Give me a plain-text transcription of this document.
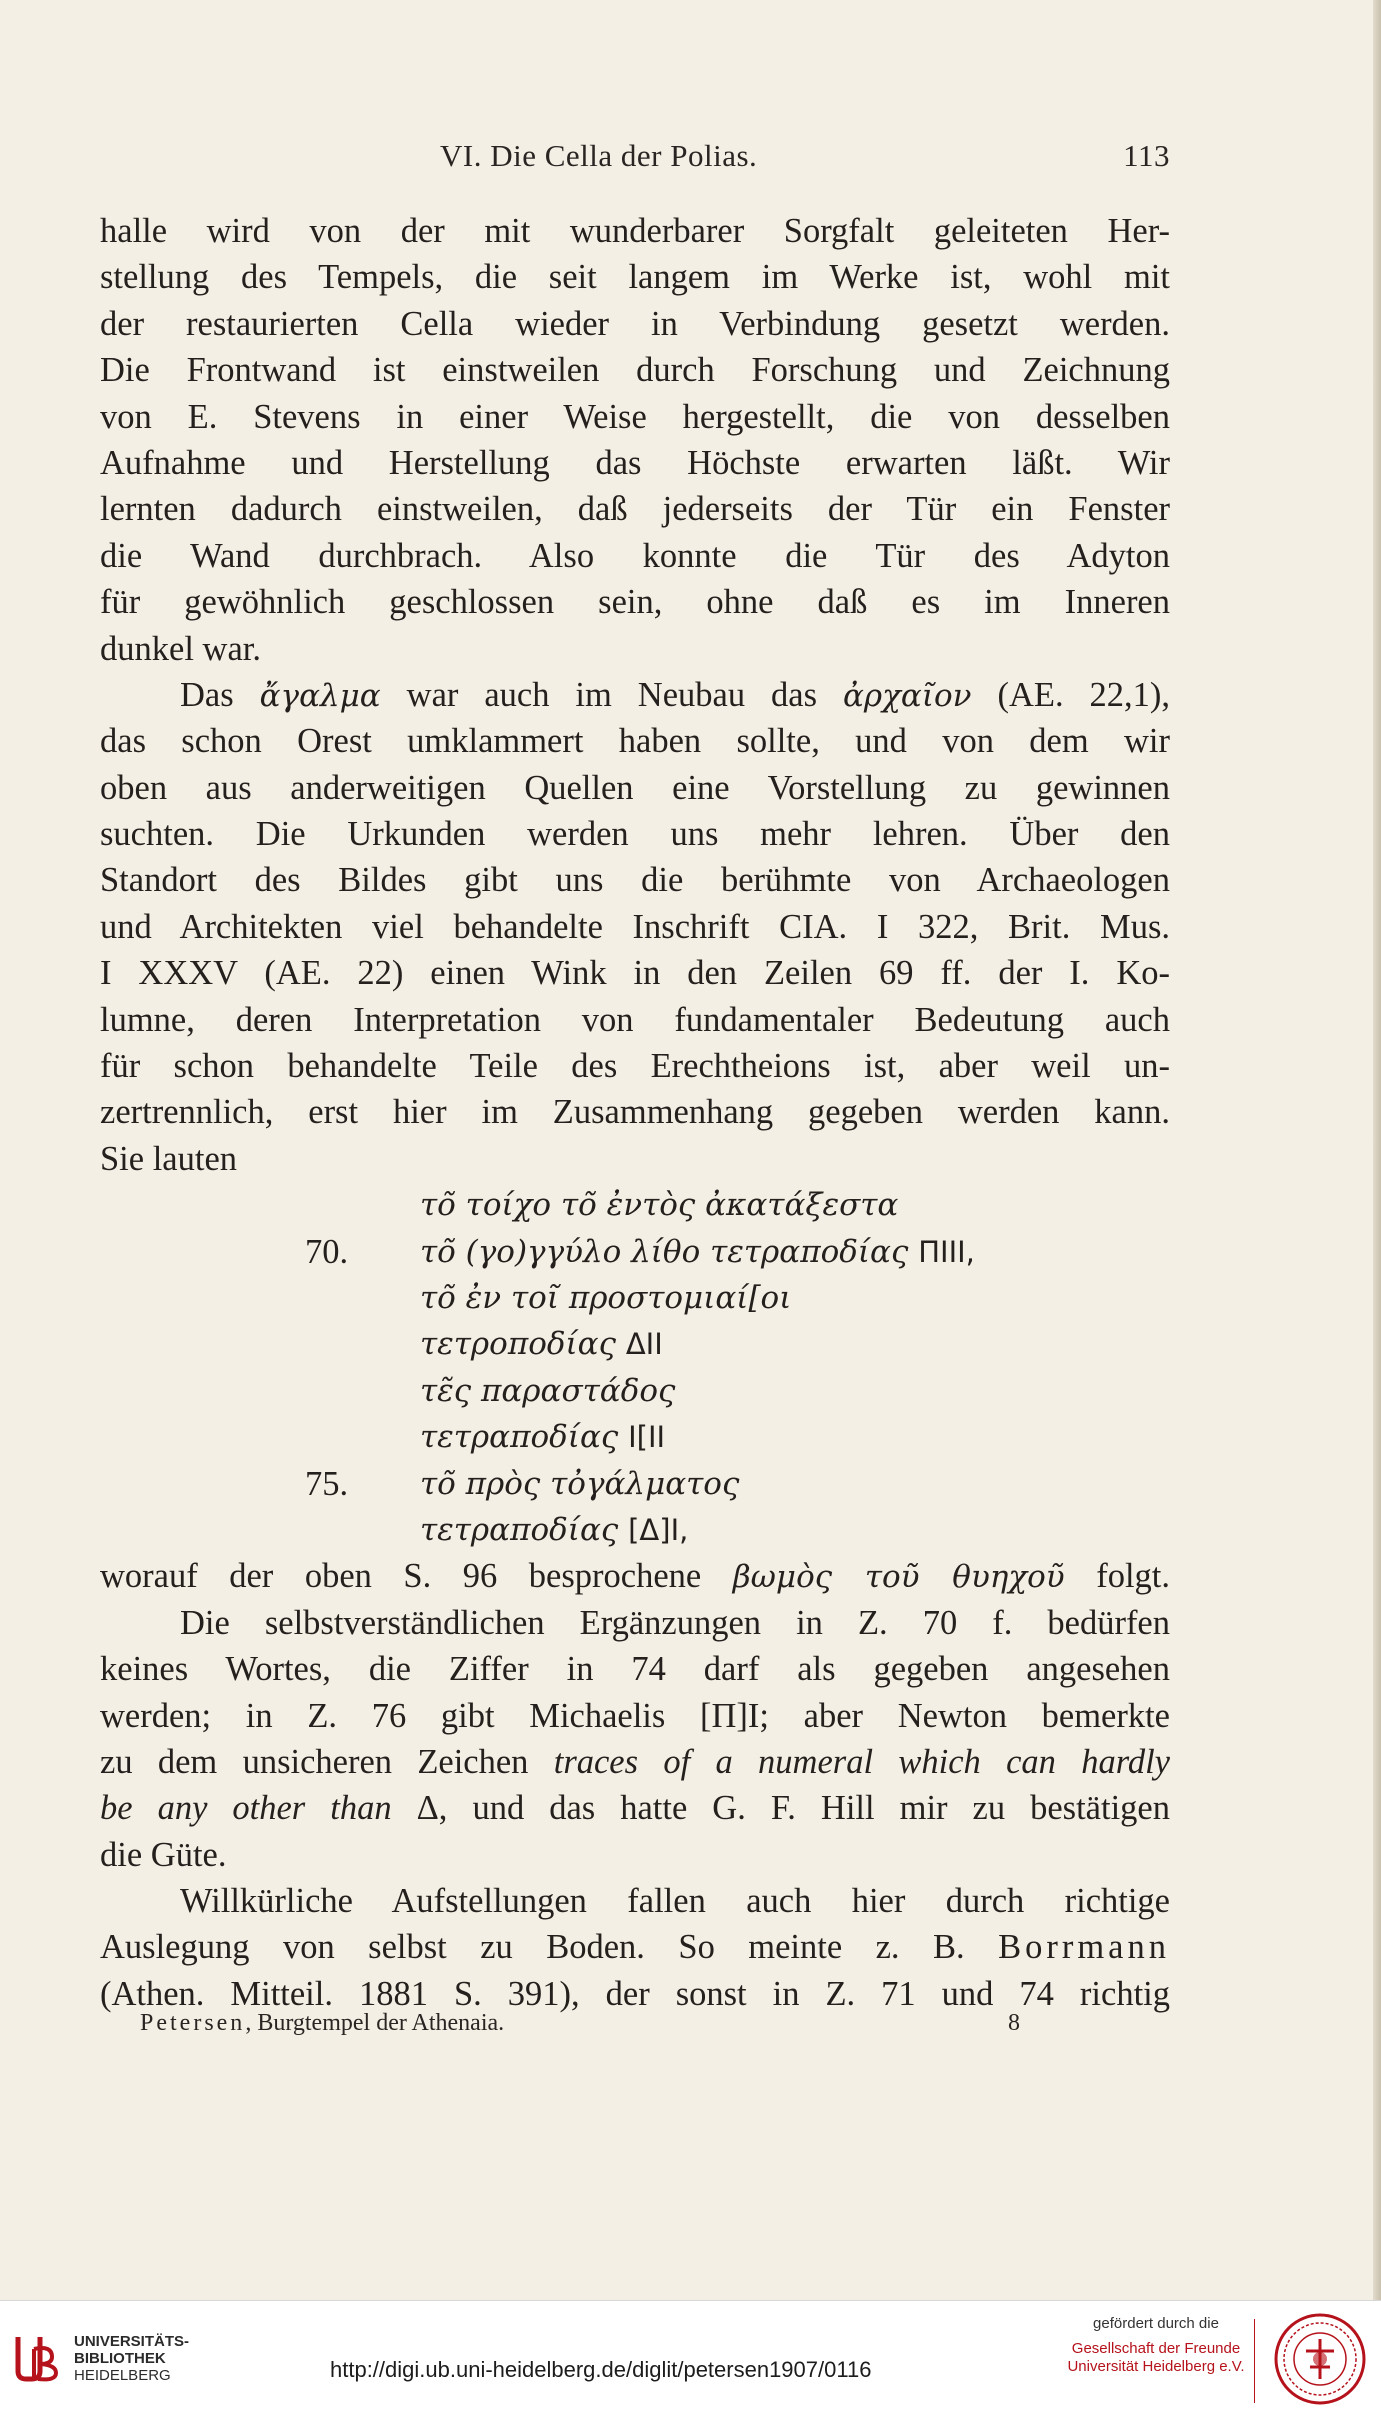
VI. Die Cella der Polias.	113
halle wird von der mit wunderbarer Sorgfalt geleiteten Her-
stellung des Tempels, die seit langem im Werke ist, wohl mit
der restaurierten Cella wieder in Verbindung gesetzt werden.
Die Frontwand ist einstweilen durch Forschung und Zeichnung
von E. Stevens in einer Weise hergestellt, die von desselben
Aufnahme und Herstellung das Höchste erwarten läßt. Wir
lernten dadurch einstweilen, daß jederseits der Tür ein Fenster
die Wand durchbrach. Also konnte die Tür des Adyton
für gewöhnlich geschlossen sein, ohne daß es im Inneren
dunkel war.
Das ἄγαλμα war auch im Neubau das ἀρχαῖον (AE. 22,1),
das schon Orest umklammert haben sollte, und von dem wir
oben aus anderweitigen Quellen eine Vorstellung zu gewinnen
suchten. Die Urkunden werden uns mehr lehren. Über den
Standort des Bildes gibt uns die berühmte von Archaeologen
und Architekten viel behandelte Inschrift CIA. I 322, Brit. Mus.
I XXXV (AE. 22) einen Wink in den Zeilen 69 ff. der I. Ko-
lumne, deren Interpretation von fundamentaler Bedeutung auch
für schon behandelte Teile des Erechtheions ist, aber weil un-
zertrennlich, erst hier im Zusammenhang gegeben werden kann.
Sie lauten
τõ τοίχο τõ ἐντὸς ἀκατάξεστα
70. τõ (γο)γγύλο λίθο τετραποδίας ΠΙΙΙ,
τõ ἐν τοῖ προστομιαί[οι
τετροποδίας ΔΙΙ
τε̃ς παραστάδος
τετραποδίας Ι[ΙΙ
75. τõ πρὸς τὀγάλματος
τετραποδίας [Δ]Ι,
worauf der oben S. 96 besprochene βωμὸς τοῦ θυηχοῦ folgt.
Die selbstverständlichen Ergänzungen in Z. 70 f. bedürfen
keines Wortes, die Ziffer in 74 darf als gegeben angesehen
werden; in Z. 76 gibt Michaelis [Π]Ι; aber Newton bemerkte
zu dem unsicheren Zeichen traces of a numeral which can hardly
be any other than Δ, und das hatte G. F. Hill mir zu bestätigen
die Güte.
Willkürliche Aufstellungen fallen auch hier durch richtige
Auslegung von selbst zu Boden. So meinte z. B. Borrmann
(Athen. Mitteil. 1881 S. 391), der sonst in Z. 71 und 74 richtig
Petersen, Burgtempel der Athenaia.	8
UNIVERSITÄTS-
BIBLIOTHEK
HEIDELBERG	http://digi.ub.uni-heidelberg.de/diglit/petersen1907/0116
gefördert durch die
Gesellschaft der Freunde
Universität Heidelberg e.V.
